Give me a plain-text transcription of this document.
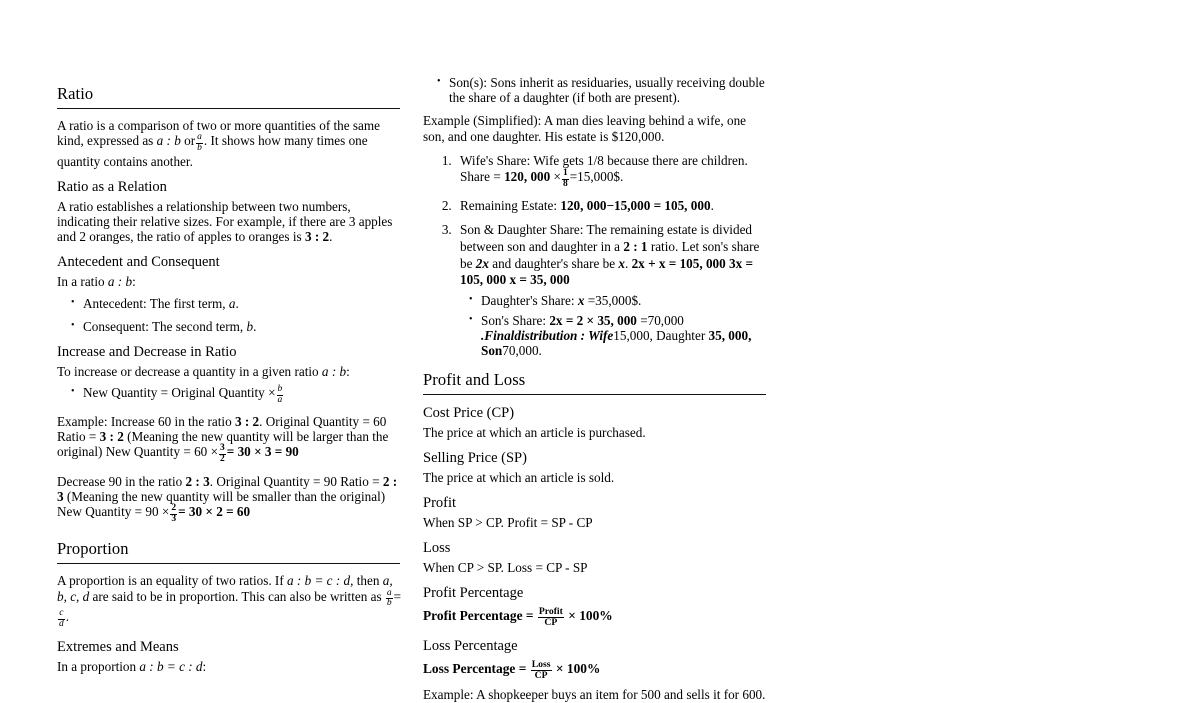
Ratio

A ratio is a comparison of two or more quantities of the same kind, expressed as a : b or $\frac{a}{b}$ . It shows how many times one quantity contains another.

Ratio as a Relation

A ratio establishes a relationship between two numbers, indicating their relative sizes. For example, if there are 3 apples and 2 oranges, the ratio of apples to oranges is 3 : 2.

Antecedent and Consequent

In a ratio a : b:

• Antecedent: The first term, a.
• Consequent: The second term, b.
Increase and Decrease in Ratio

To increase or decrease a quantity in a given ratio a : b:

• New Quantity = Original Quantity × $\frac{b}{a}$

Example: Increase 60 in the ratio 3 : 2. Original Quantity = 60 Ratio = 3 : 2 (Meaning the new quantity will be larger than the original) New Quantity = $60 \times \frac{3}{2} = 30 \times 3 = 90$

Decrease 90 in the ratio 2 : 3. Original Quantity = 90 Ratio = 2 : 3 (Meaning the new quantity will be smaller than the original) New Quantity = $90 \times \frac{2}{3} = 30 \times 2 = 60$

Proportion

A proportion is an equality of two ratios. If a : b = c : d, then a, b, c, d are said to be in proportion. This can also be written as $\frac{a}{b}$ =
$\frac{c}{d}$ .

Extremes and Means

In a proportion a : b = c : d:

• Son(s): Sons inherit as residuaries, usually receiving double the share of a daughter (if both are present).

Example (Simplified): A man dies leaving behind a wife, one son, and one daughter. His estate is $120,000.

1. Wife's Share: Wife gets 1/8 because there are children.
Share = 120, $000 \times \frac{1}{8}$ =15,000$.
2. Remaining Estate: 120, 000−15,000 = 105, 000.
3. Son & Daughter Share: The remaining estate is divided between son and daughter in a 2 : 1 ratio. Let son's share be 2x and daughter's share be x. 2x + x = 105, 000 3x = 105, 000 x = 35, 000
• Daughter's Share: x =35,000$.
• Son's Share: 2x = 2 × 35, 000 =70,000 .Finaldistribution : Wife15,000, Daughter 35, 000, Son70,000.
Profit and Loss
Cost Price (CP)

The price at which an article is purchased.

Selling Price (SP)

The price at which an article is sold.

Profit

When SP > CP. Profit = SP - CP

Loss

When CP > SP. Loss = CP - SP

Profit Percentage
Profit Percentage = $\frac{\text{Profit}}{CP} \times 100\%$
Loss Percentage
Loss Percentage = $\frac{\text{Loss}}{CP} \times 100\%$

Example: A shopkeeper buys an item for 500 and sells it for 600.
